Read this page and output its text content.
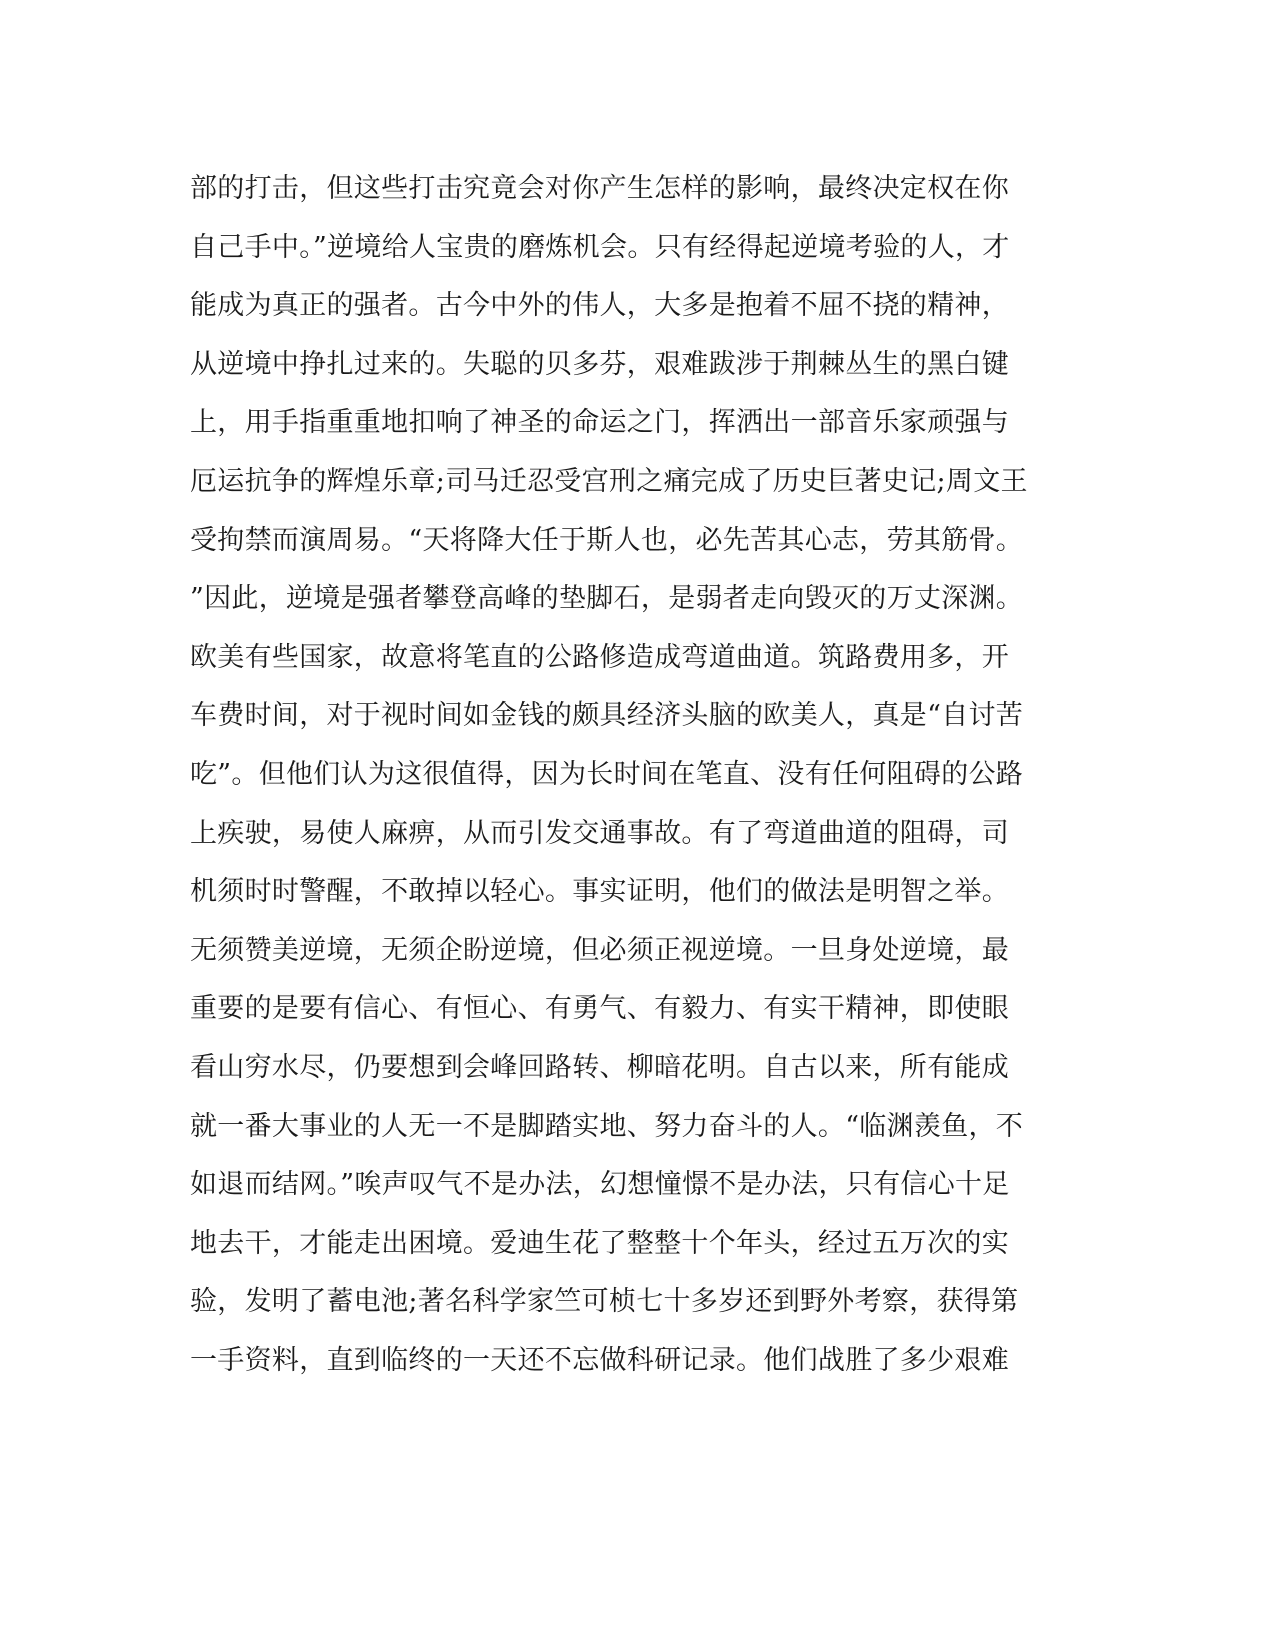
部的打击，但这些打击究竟会对你产生怎样的影响，最终决定权在你
自己手中。”逆境给人宝贵的磨炼机会。只有经得起逆境考验的人，才
能成为真正的强者。古今中外的伟人，大多是抱着不屈不挠的精神，
从逆境中挣扎过来的。失聪的贝多芬，艰难跋涉于荆棘丛生的黑白键
上，用手指重重地扣响了神圣的命运之门，挥洒出一部音乐家顽强与
厄运抗争的辉煌乐章;司马迁忍受宫刑之痛完成了历史巨著史记;周文王
受拘禁而演周易。“天将降大任于斯人也，必先苦其心志，劳其筋骨。
”因此，逆境是强者攀登高峰的垫脚石，是弱者走向毁灭的万丈深渊。
欧美有些国家，故意将笔直的公路修造成弯道曲道。筑路费用多，开
车费时间，对于视时间如金钱的颇具经济头脑的欧美人，真是“自讨苦
吃”。但他们认为这很值得，因为长时间在笔直、没有任何阻碍的公路
上疾驶，易使人麻痹，从而引发交通事故。有了弯道曲道的阻碍，司
机须时时警醒，不敢掉以轻心。事实证明，他们的做法是明智之举。
无须赞美逆境，无须企盼逆境，但必须正视逆境。一旦身处逆境，最
重要的是要有信心、有恒心、有勇气、有毅力、有实干精神，即使眼
看山穷水尽，仍要想到会峰回路转、柳暗花明。自古以来，所有能成
就一番大事业的人无一不是脚踏实地、努力奋斗的人。“临渊羡鱼，不
如退而结网。”唉声叹气不是办法，幻想憧憬不是办法，只有信心十足
地去干，才能走出困境。爱迪生花了整整十个年头，经过五万次的实
验，发明了蓄电池;著名科学家竺可桢七十多岁还到野外考察，获得第
一手资料，直到临终的一天还不忘做科研记录。他们战胜了多少艰难
